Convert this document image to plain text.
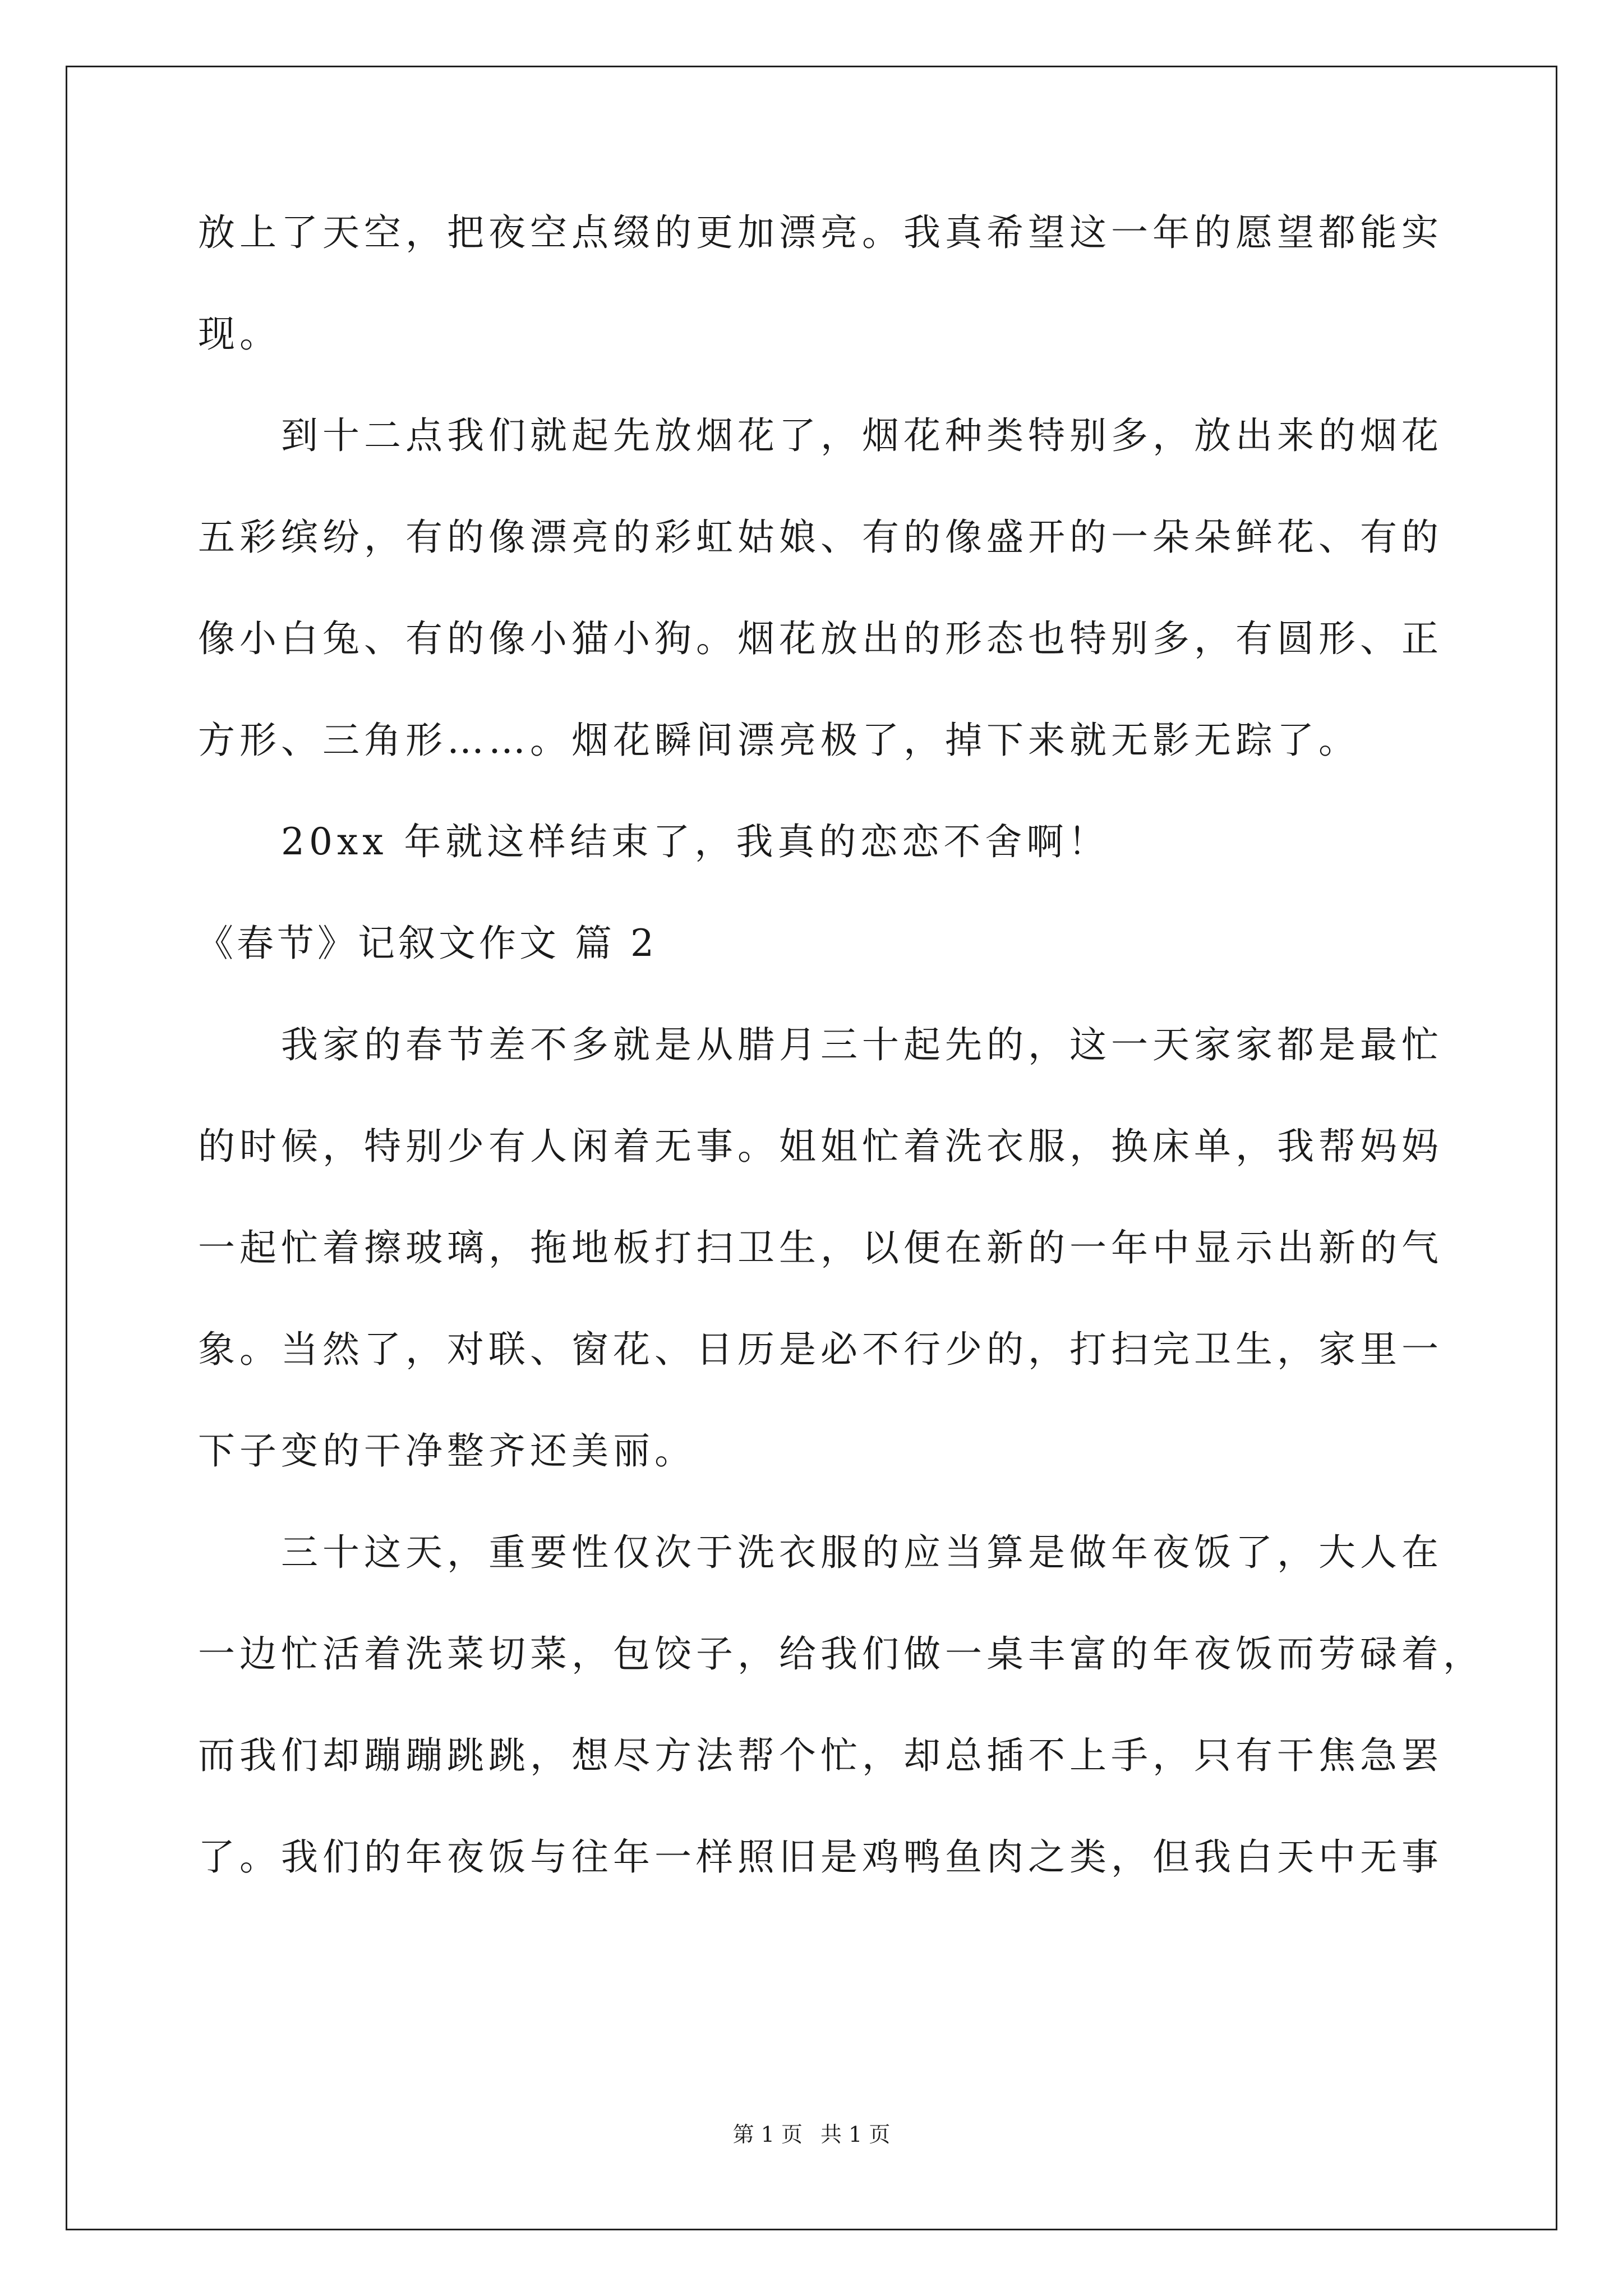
放上了天空，把夜空点缀的更加漂亮。我真希望这一年的愿望都能实
现。
　　到十二点我们就起先放烟花了，烟花种类特别多，放出来的烟花
五彩缤纷，有的像漂亮的彩虹姑娘、有的像盛开的一朵朵鲜花、有的
像小白兔、有的像小猫小狗。烟花放出的形态也特别多，有圆形、正
方形、三角形……。烟花瞬间漂亮极了，掉下来就无影无踪了。
　　20xx 年就这样结束了，我真的恋恋不舍啊！
《春节》记叙文作文 篇 2
　　我家的春节差不多就是从腊月三十起先的，这一天家家都是最忙
的时候，特别少有人闲着无事。姐姐忙着洗衣服，换床单，我帮妈妈
一起忙着擦玻璃，拖地板打扫卫生，以便在新的一年中显示出新的气
象。当然了，对联、窗花、日历是必不行少的，打扫完卫生，家里一
下子变的干净整齐还美丽。
　　三十这天，重要性仅次于洗衣服的应当算是做年夜饭了，大人在
一边忙活着洗菜切菜，包饺子，给我们做一桌丰富的年夜饭而劳碌着，
而我们却蹦蹦跳跳，想尽方法帮个忙，却总插不上手，只有干焦急罢
了。我们的年夜饭与往年一样照旧是鸡鸭鱼肉之类，但我白天中无事
第 1 页 共 1 页
